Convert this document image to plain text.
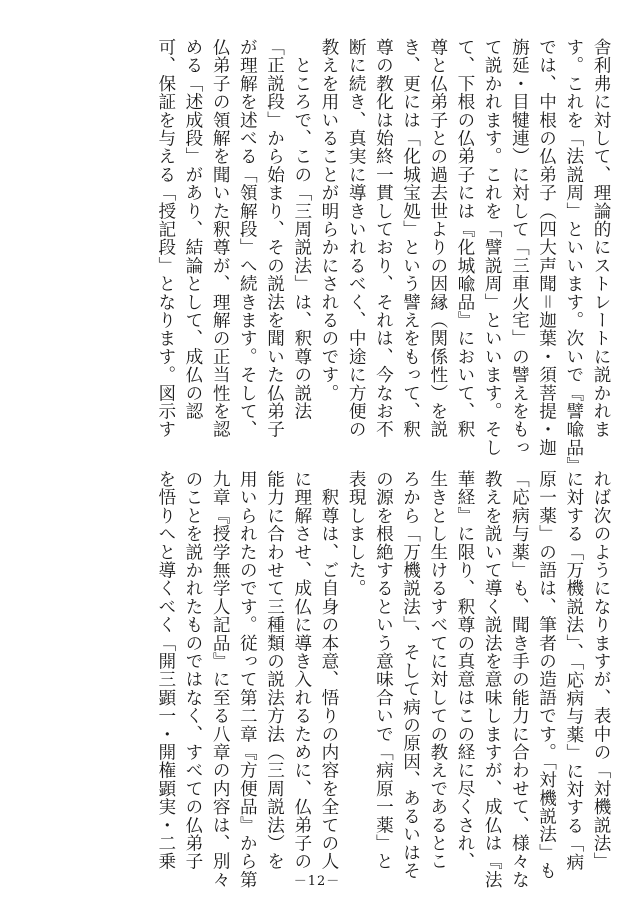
舎利弗に対して、理論的にストレートに説かれま
す。これを「法説周」といいます。次いで『譬喩品』
では、中根の仏弟子（四大声聞＝迦葉・須菩提・迦
旃延・目犍連）に対して「三車火宅」の譬えをもっ
て説かれます。これを「譬説周」といいます。そし
て、下根の仏弟子には『化城喩品』において、釈
尊と仏弟子との過去世よりの因縁（関係性）を説
き、更には「化城宝処」という譬えをもって、釈
尊の教化は始終一貫しており、それは、今なお不
断に続き、真実に導きいれるべく、中途に方便の
教えを用いることが明らかにされるのです。
　ところで、この「三周説法」は、釈尊の説法
「正説段」から始まり、その説法を聞いた仏弟子
が理解を述べる「領解段」へ続きます。そして、
仏弟子の領解を聞いた釈尊が、理解の正当性を認
める「述成段」があり、結論として、成仏の認
可、保証を与える「授記段」となります。図示す
れば次のようになりますが、表中の「対機説法」
に対する「万機説法」、「応病与薬」に対する「病
原一薬」の語は、筆者の造語です。「対機説法」も
「応病与薬」も、聞き手の能力に合わせて、様々な
教えを説いて導く説法を意味しますが、成仏は『法
華経』に限り、釈尊の真意はこの経に尽くされ、
生きとし生けるすべてに対しての教えであるとこ
ろから「万機説法」、そして病の原因、あるいはそ
の源を根絶するという意味合いで「病原一薬」と
表現しました。
　釈尊は、ご自身の本意、悟りの内容を全ての人
に理解させ、成仏に導き入れるために、仏弟子の
能力に合わせて三種類の説法方法（三周説法）を
用いられたのです。従って第二章『方便品』から第
九章『授学無学人記品』に至る八章の内容は、別々
のことを説かれたものではなく、すべての仏弟子
を悟りへと導くべく「開三顕一・開権顕実・二乗
－12－
